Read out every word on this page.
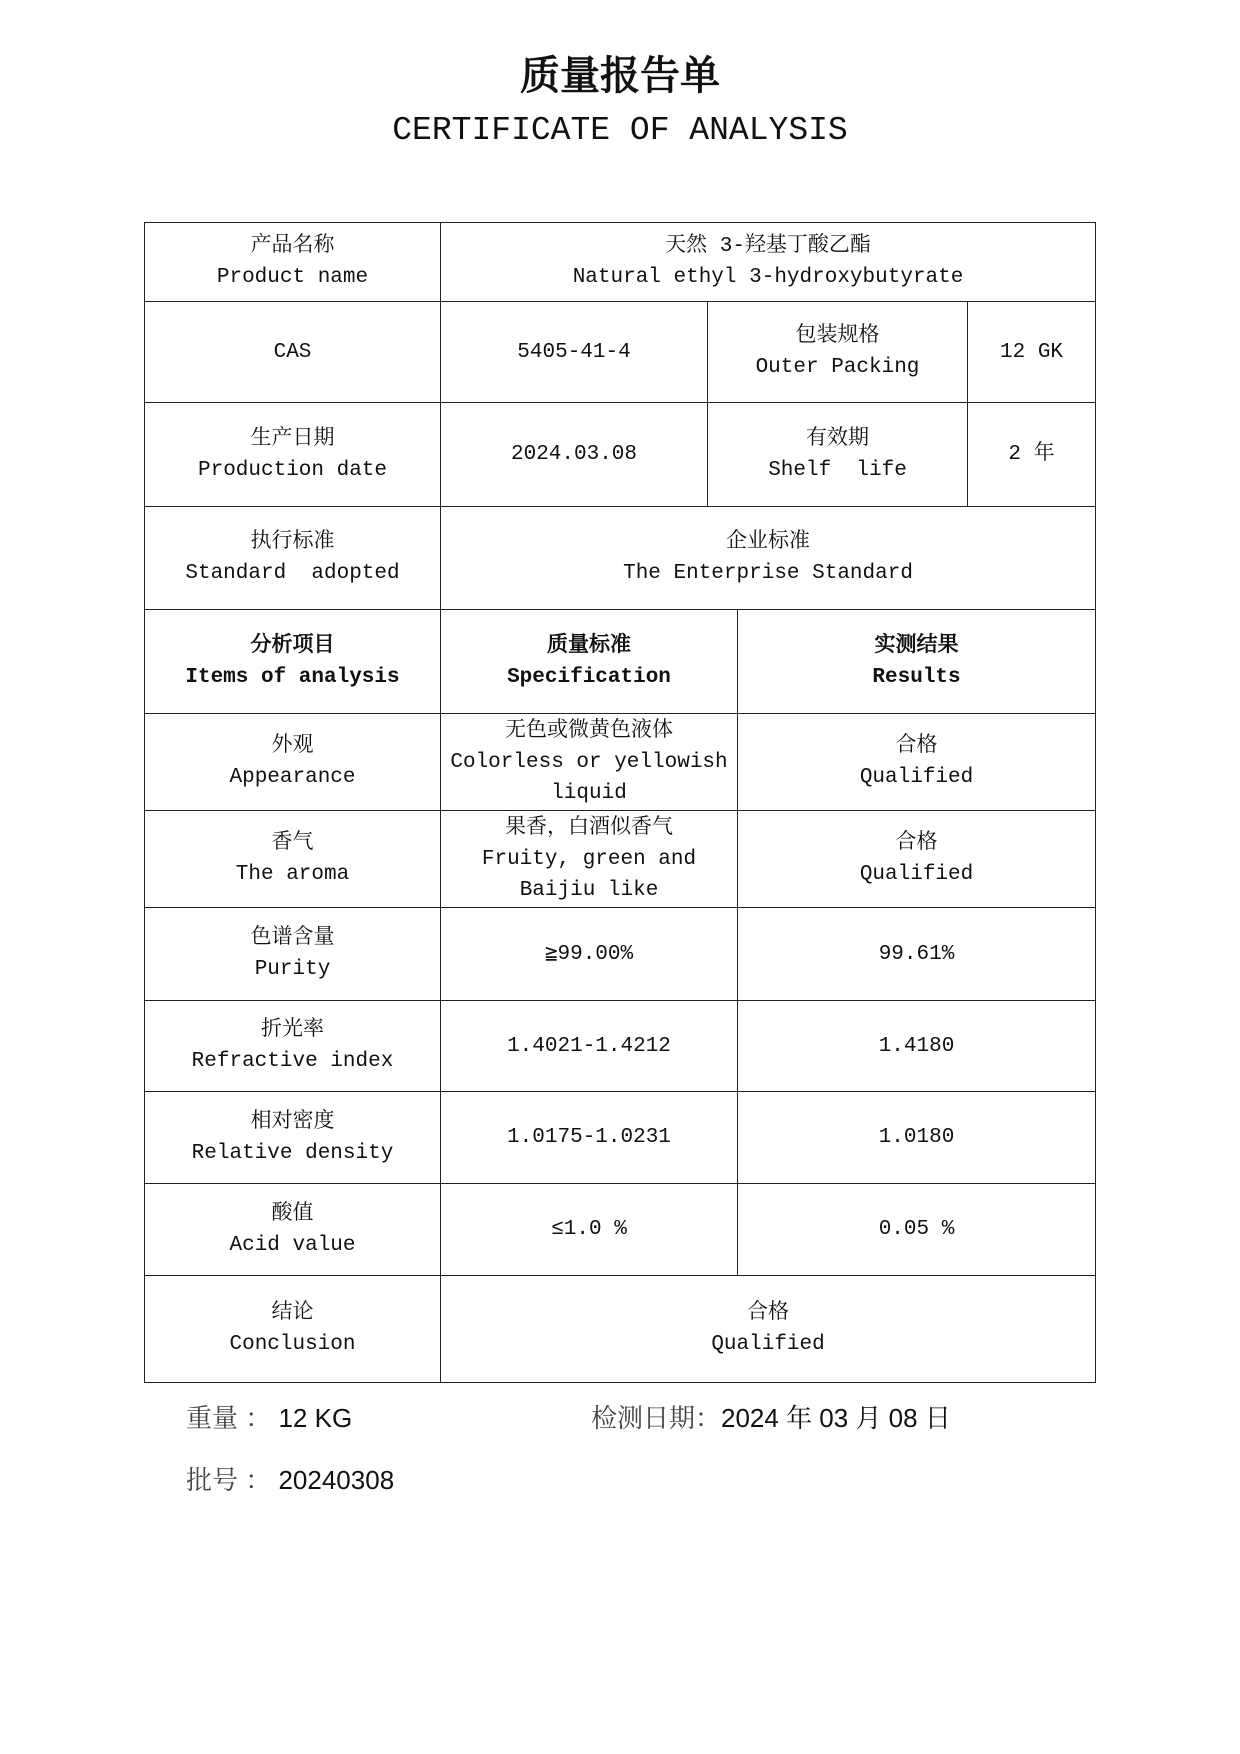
质量报告单
CERTIFICATE OF ANALYSIS
产品名称
Product name	天然 3-羟基丁酸乙酯
Natural ethyl 3-hydroxybutyrate			

CAS	5405-41-4	包装规格
Outer Packing		12 GK

生产日期
Production date	2024.03.08	有效期
Shelf  life		2 年

执行标准
Standard  adopted	企业标准
The Enterprise Standard			

分析项目
Items of analysis	质量标准
Specification		实测结果
Results	

外观
Appearance	无色或微黄色液体
Colorless or yellowish liquid		合格
Qualified	

香气
The aroma	果香，白酒似香气
Fruity, green and Baijiu like		合格
Qualified	

色谱含量
Purity	≧99.00%		99.61%	

折光率
Refractive index	1.4021-1.4212		1.4180	

相对密度
Relative density	1.0175-1.0231		1.0180	

酸值
Acid value	≤1.0 %		0.05 %	

结论
Conclusion	合格
Qualified			
重量 ： 12 KG	检测日期：2024 年 03 月 08 日
批号 ： 20240308
